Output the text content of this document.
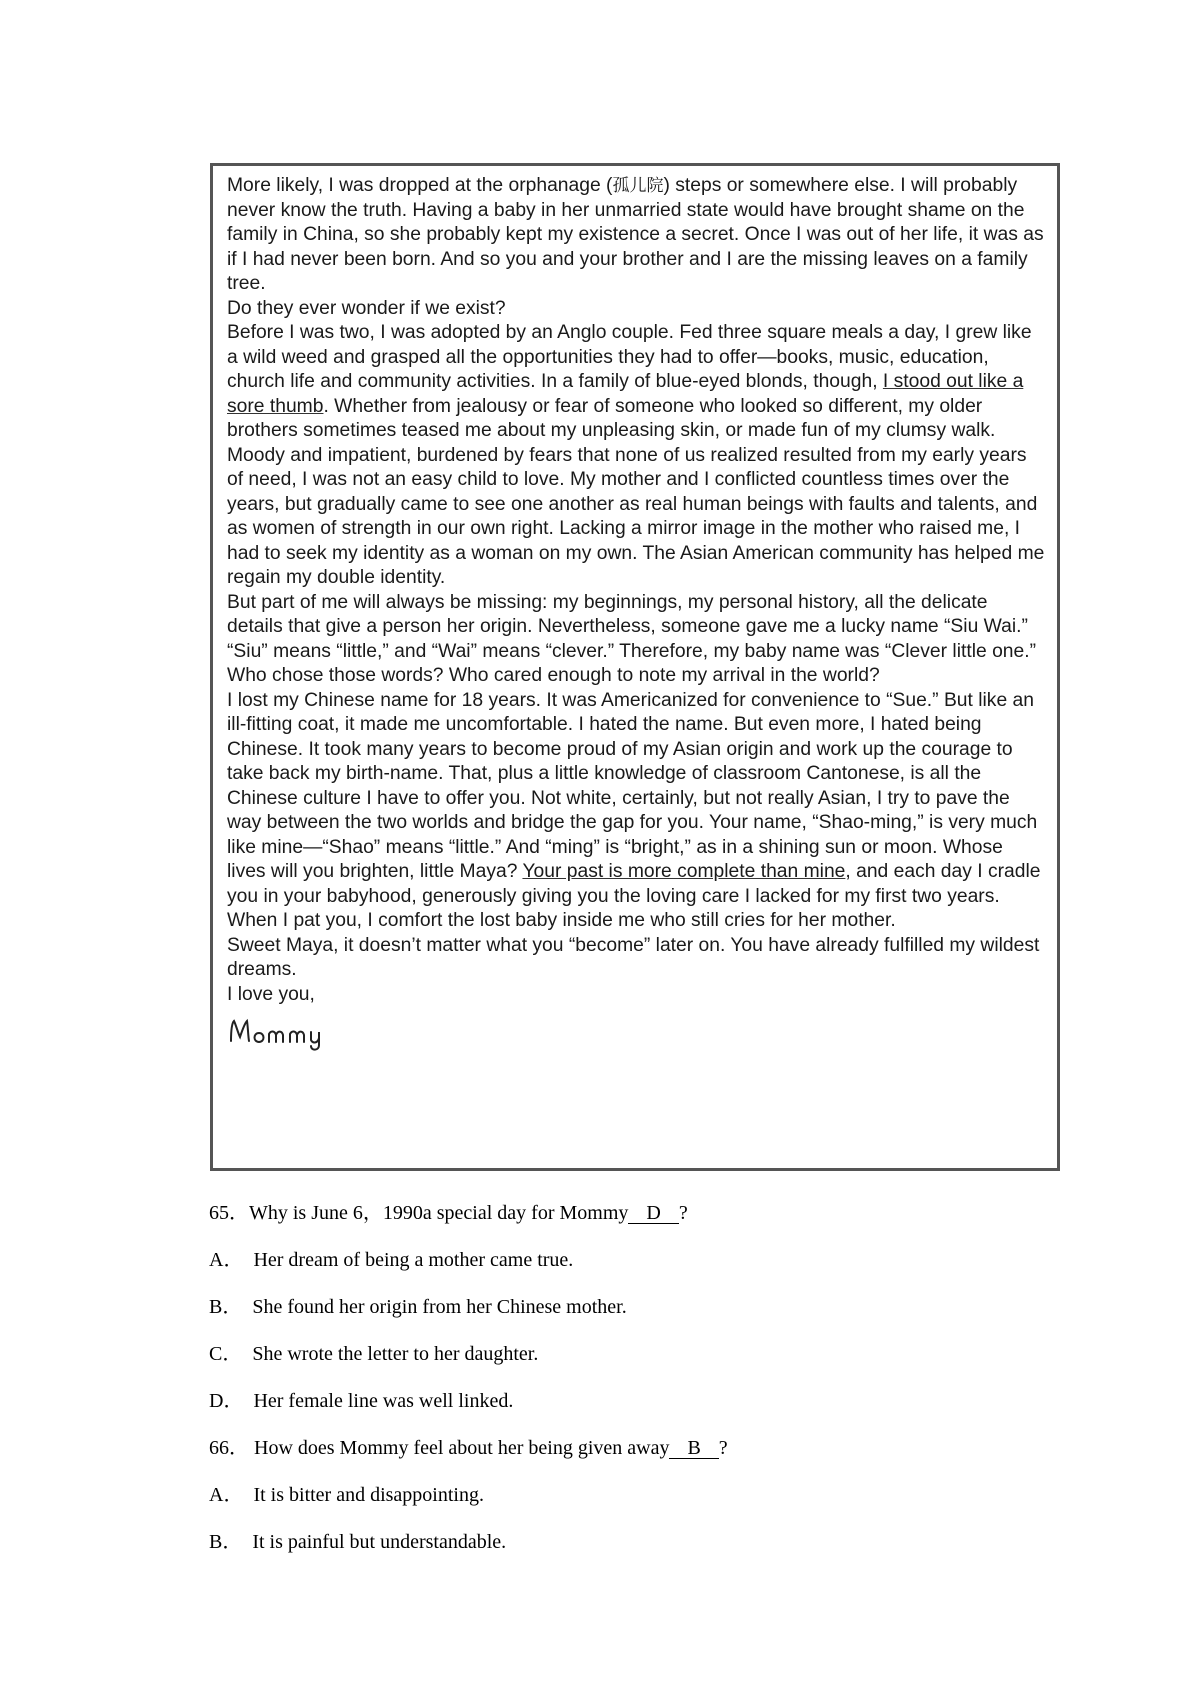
More likely, I was dropped at the orphanage (孤儿院) steps or somewhere else. I will probably never know the truth. Having a baby in her unmarried state would have brought shame on the family in China, so she probably kept my existence a secret. Once I was out of her life, it was as if I had never been born. And so you and your brother and I are the missing leaves on a family tree.

Do they ever wonder if we exist?

Before I was two, I was adopted by an Anglo couple. Fed three square meals a day, I grew like a wild weed and grasped all the opportunities they had to offer—books, music, education, church life and community activities. In a family of blue-eyed blonds, though, I stood out like a sore thumb. Whether from jealousy or fear of someone who looked so different, my older brothers sometimes teased me about my unpleasing skin, or made fun of my clumsy walk. Moody and impatient, burdened by fears that none of us realized resulted from my early years of need, I was not an easy child to love. My mother and I conflicted countless times over the years, but gradually came to see one another as real human beings with faults and talents, and as women of strength in our own right. Lacking a mirror image in the mother who raised me, I had to seek my identity as a woman on my own. The Asian American community has helped me regain my double identity.

But part of me will always be missing: my beginnings, my personal history, all the delicate details that give a person her origin. Nevertheless, someone gave me a lucky name “Siu Wai.” “Siu” means “little,” and “Wai” means “clever.” Therefore, my baby name was “Clever little one.” Who chose those words? Who cared enough to note my arrival in the world?

I lost my Chinese name for 18 years. It was Americanized for convenience to “Sue.” But like an ill-fitting coat, it made me uncomfortable. I hated the name. But even more, I hated being Chinese. It took many years to become proud of my Asian origin and work up the courage to take back my birth-name. That, plus a little knowledge of classroom Cantonese, is all the Chinese culture I have to offer you. Not white, certainly, but not really Asian, I try to pave the way between the two worlds and bridge the gap for you. Your name, “Shao-ming,” is very much like mine—“Shao” means “little.” And “ming” is “bright,” as in a shining sun or moon. Whose lives will you brighten, little Maya? Your past is more complete than mine, and each day I cradle you in your babyhood, generously giving you the loving care I lacked for my first two years. When I pat you, I comfort the lost baby inside me who still cries for her mother.

Sweet Maya, it doesn’t matter what you “become” later on. You have already fulfilled my wildest dreams.

I love you,

65．Why is June 6，1990a special day for Mommy D ?
A． Her dream of being a mother came true.
B． She found her origin from her Chinese mother.
C． She wrote the letter to her daughter.
D． Her female line was well linked.
66． How does Mommy feel about her being given away B ?
A． It is bitter and disappointing.
B． It is painful but understandable.
